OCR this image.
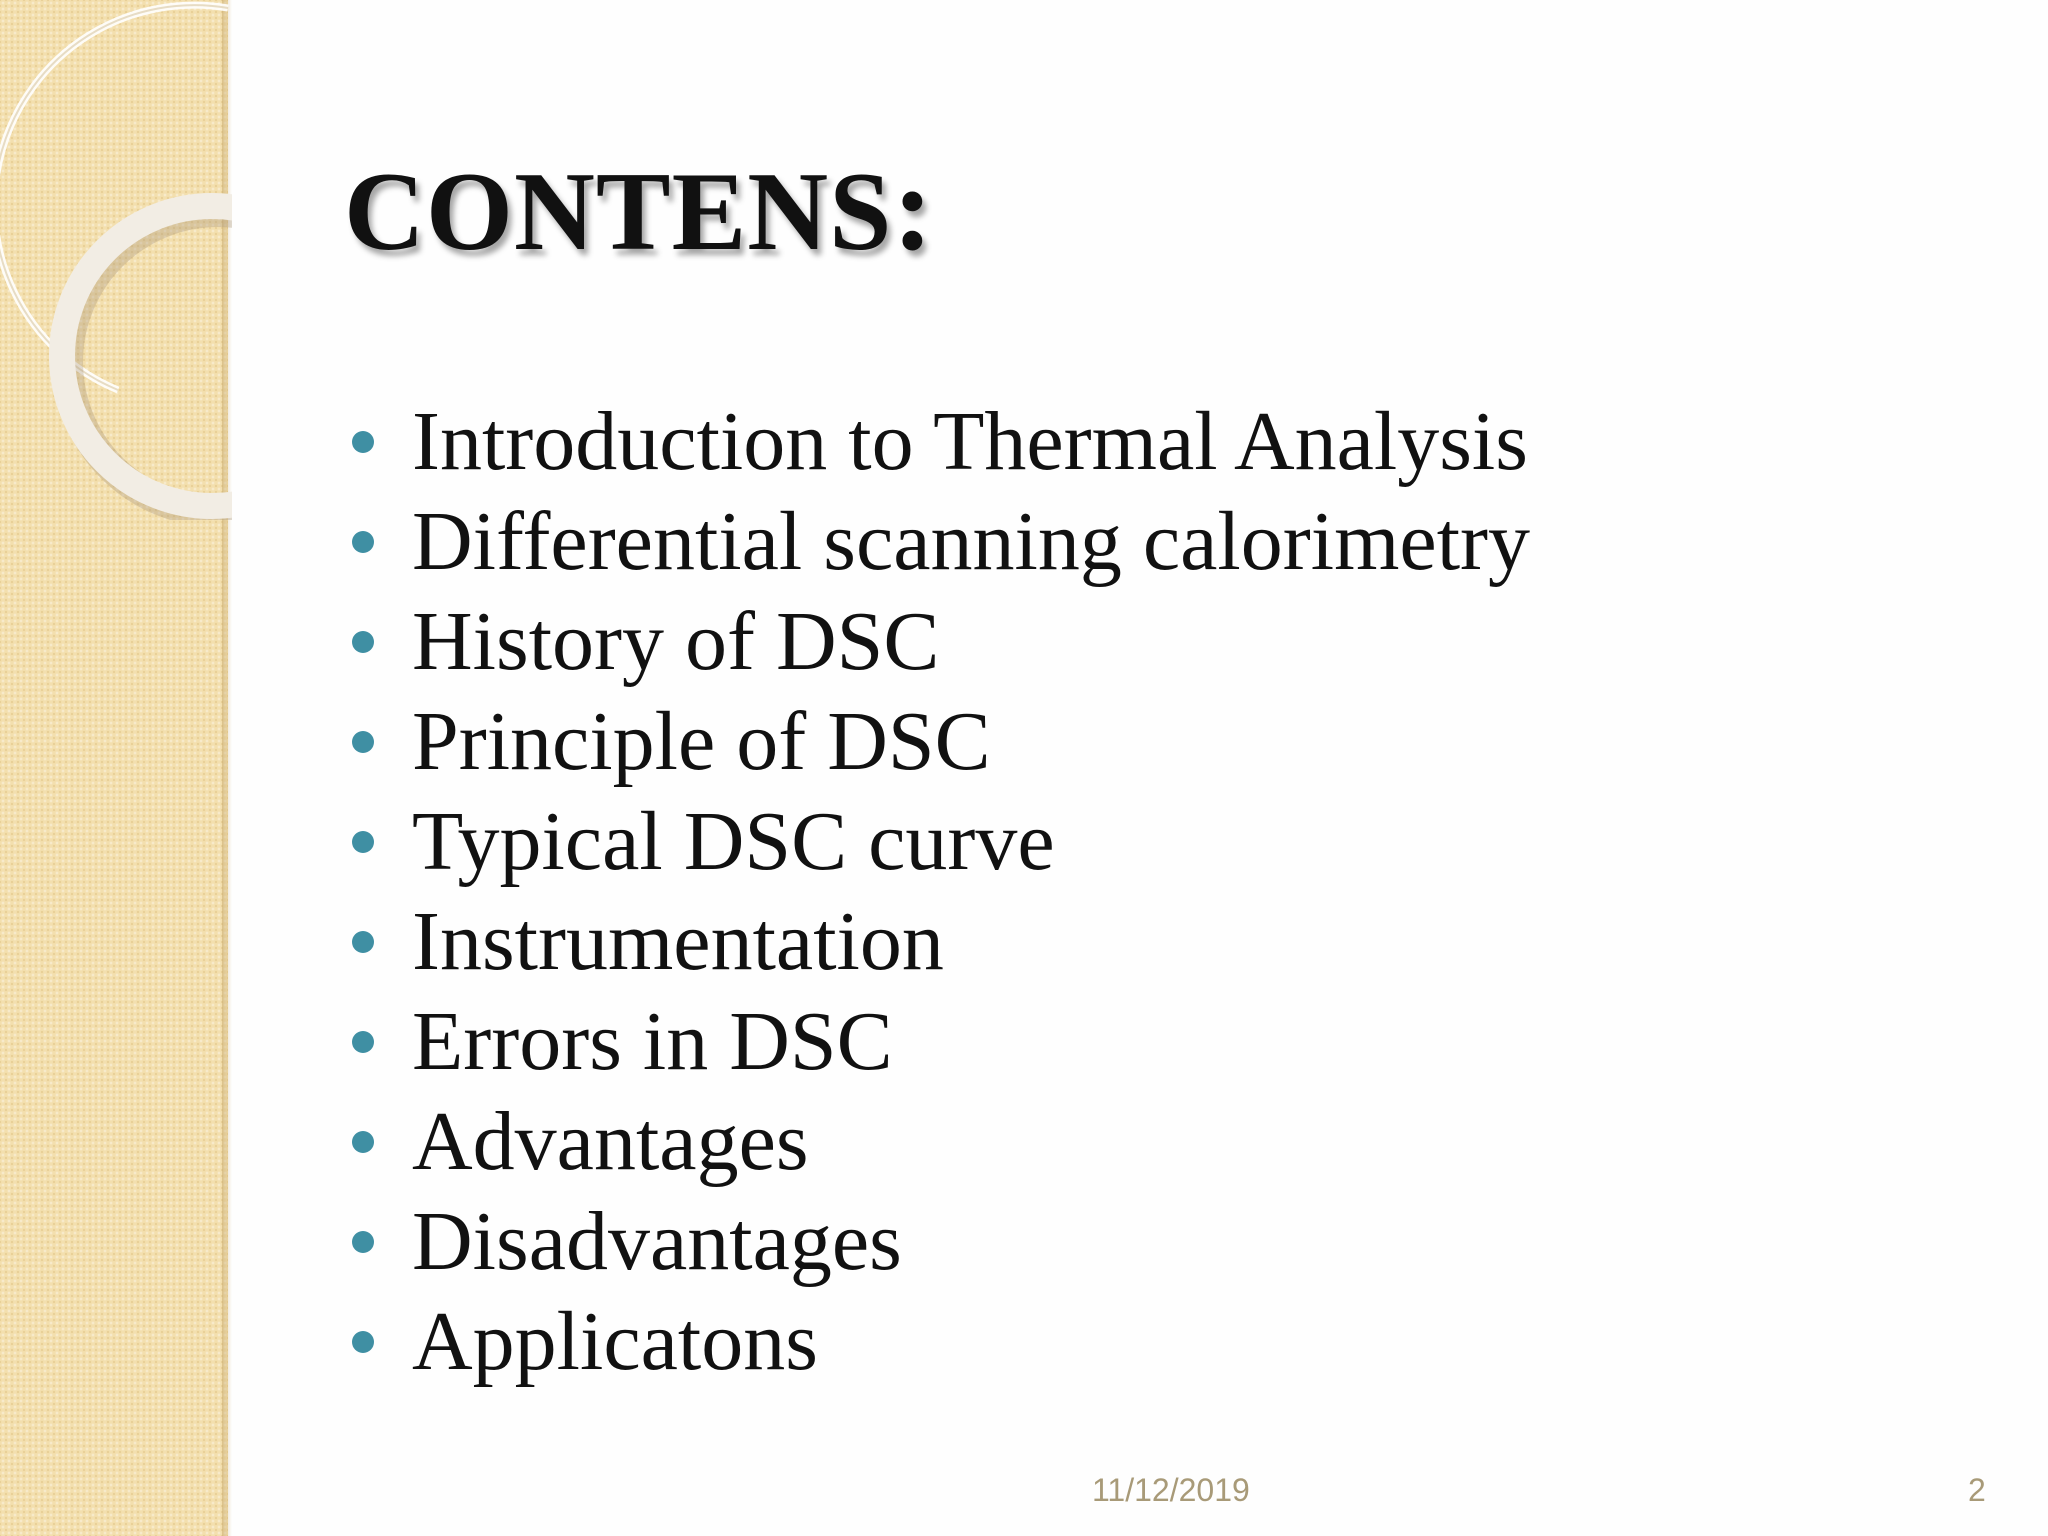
CONTENS:
Introduction to Thermal Analysis
Differential scanning calorimetry
History of DSC
Principle of DSC
Typical DSC curve
Instrumentation
Errors in DSC
Advantages
Disadvantages
Applicatons
11/12/2019	2
